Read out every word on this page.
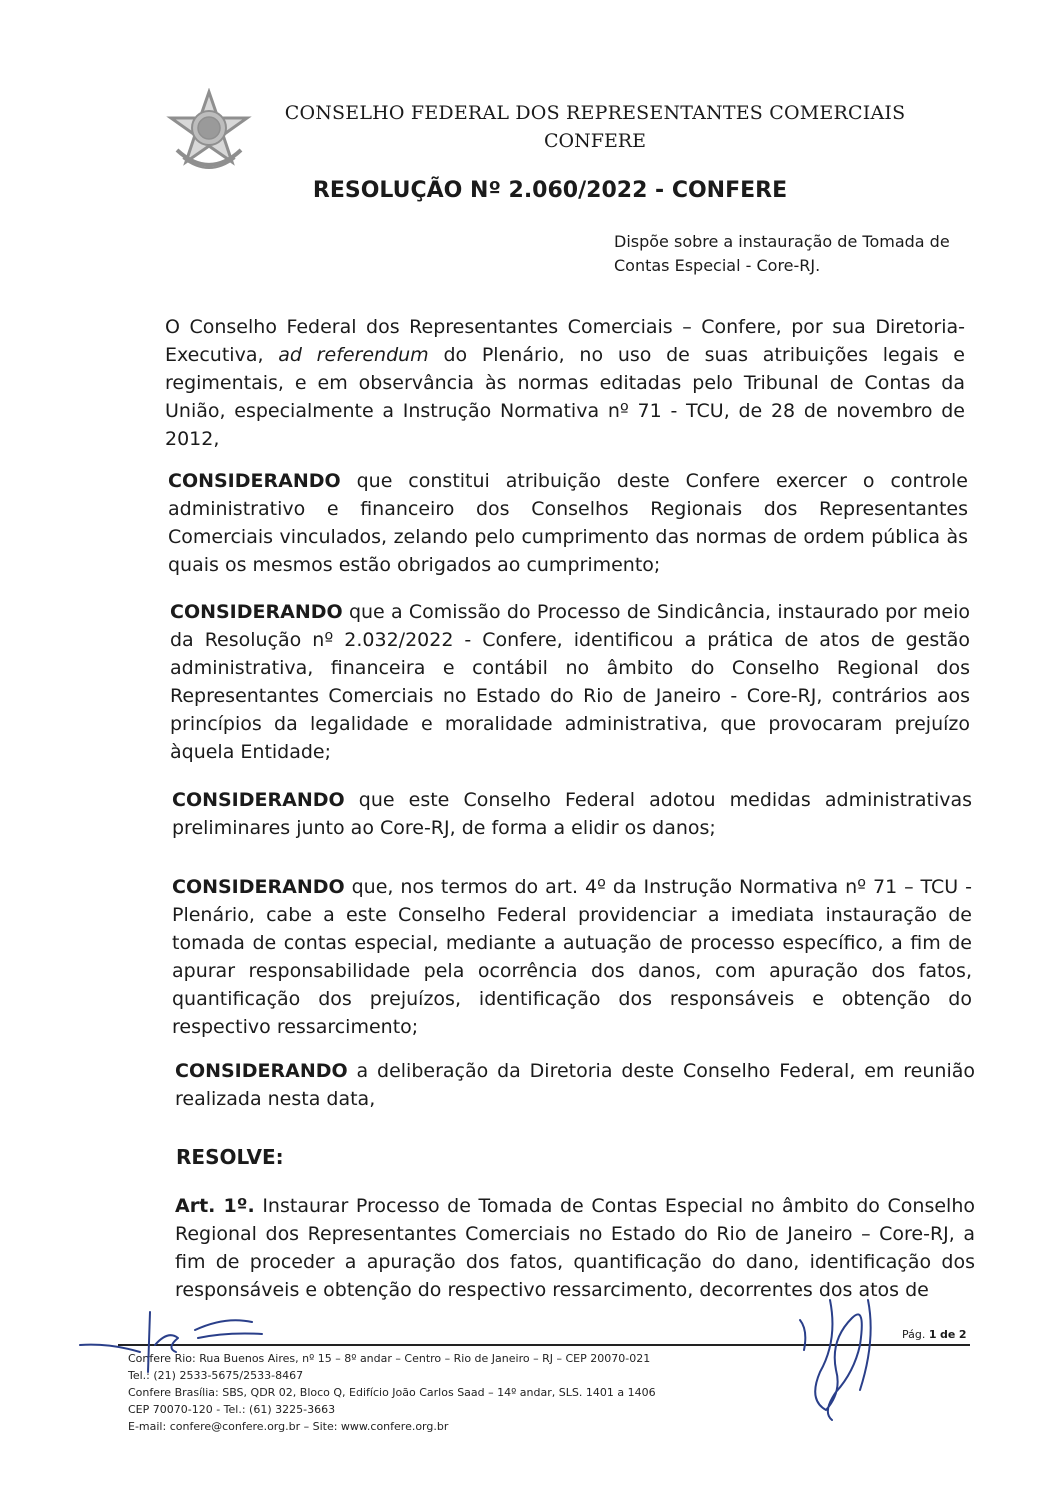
CONSELHO FEDERAL DOS REPRESENTANTES COMERCIAIS
CONFERE
RESOLUÇÃO Nº 2.060/2022 - CONFERE
Dispõe sobre a instauração de Tomada de Contas Especial - Core-RJ.
O Conselho Federal dos Representantes Comerciais – Confere, por sua Diretoria-Executiva, ad referendum do Plenário, no uso de suas atribuições legais e regimentais, e em observância às normas editadas pelo Tribunal de Contas da União, especialmente a Instrução Normativa nº 71 - TCU, de 28 de novembro de 2012,
CONSIDERANDO que constitui atribuição deste Confere exercer o controle administrativo e financeiro dos Conselhos Regionais dos Representantes Comerciais vinculados, zelando pelo cumprimento das normas de ordem pública às quais os mesmos estão obrigados ao cumprimento;
CONSIDERANDO que a Comissão do Processo de Sindicância, instaurado por meio da Resolução nº 2.032/2022 - Confere, identificou a prática de atos de gestão administrativa, financeira e contábil no âmbito do Conselho Regional dos Representantes Comerciais no Estado do Rio de Janeiro - Core-RJ, contrários aos princípios da legalidade e moralidade administrativa, que provocaram prejuízo àquela Entidade;
CONSIDERANDO que este Conselho Federal adotou medidas administrativas preliminares junto ao Core-RJ, de forma a elidir os danos;
CONSIDERANDO que, nos termos do art. 4º da Instrução Normativa nº 71 – TCU - Plenário, cabe a este Conselho Federal providenciar a imediata instauração de tomada de contas especial, mediante a autuação de processo específico, a fim de apurar responsabilidade pela ocorrência dos danos, com apuração dos fatos, quantificação dos prejuízos, identificação dos responsáveis e obtenção do respectivo ressarcimento;
CONSIDERANDO a deliberação da Diretoria deste Conselho Federal, em reunião realizada nesta data,
RESOLVE:
Art. 1º. Instaurar Processo de Tomada de Contas Especial no âmbito do Conselho Regional dos Representantes Comerciais no Estado do Rio de Janeiro – Core-RJ, a fim de proceder a apuração dos fatos, quantificação do dano, identificação dos responsáveis e obtenção do respectivo ressarcimento, decorrentes dos atos de
Pág. 1 de 2
Confere Rio: Rua Buenos Aires, nº 15 – 8º andar – Centro – Rio de Janeiro – RJ – CEP 20070-021
Tel.: (21) 2533-5675/2533-8467
Confere Brasília: SBS, QDR 02, Bloco Q, Edifício João Carlos Saad – 14º andar, SLS. 1401 a 1406
CEP 70070-120 - Tel.: (61) 3225-3663
E-mail: confere@confere.org.br – Site: www.confere.org.br
